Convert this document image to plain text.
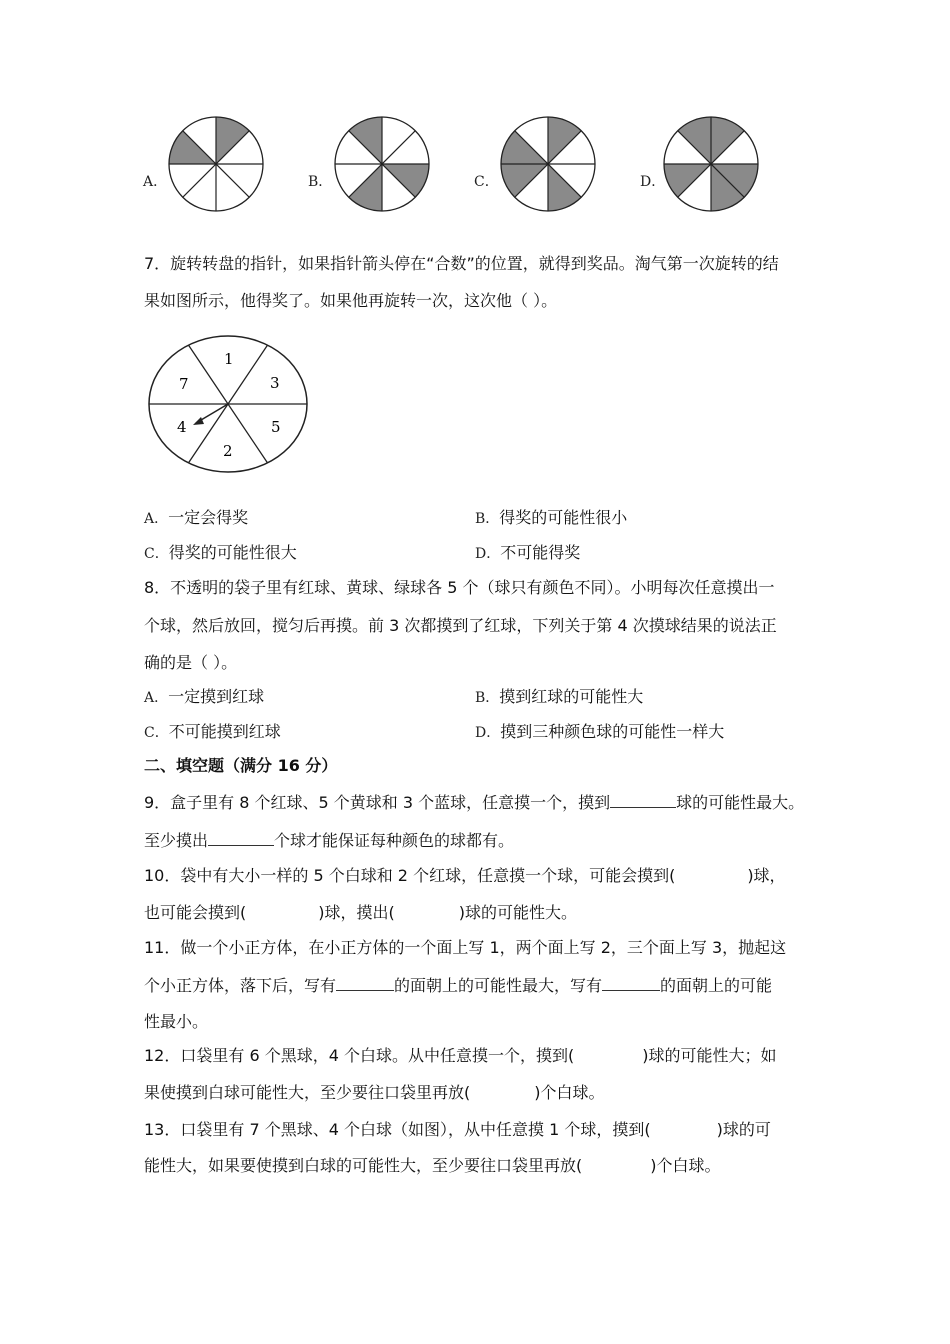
A．	B．	C．	D．
7．旋转转盘的指针，如果指针箭头停在“合数”的位置，就得到奖品。淘气第一次旋转的结
果如图所示，他得奖了。如果他再旋转一次，这次他（ ）。
1
3
5
2
4
7
A．一定会得奖	B．得奖的可能性很小
C．得奖的可能性很大	D．不可能得奖
8．不透明的袋子里有红球、黄球、绿球各 5 个（球只有颜色不同）。小明每次任意摸出一
个球，然后放回，搅匀后再摸。前 3 次都摸到了红球，下列关于第 4 次摸球结果的说法正
确的是（ ）。
A．一定摸到红球	B．摸到红球的可能性大
C．不可能摸到红球	D．摸到三种颜色球的可能性一样大
二、填空题（满分 16 分）
9．盒子里有 8 个红球、5 个黄球和 3 个蓝球，任意摸一个，摸到	球的可能性最大。
至少摸出	个球才能保证每种颜色的球都有。
10．袋中有大小一样的 5 个白球和 2 个红球，任意摸一个球，可能会摸到(	)球，
也可能会摸到(	)球，摸出(	)球的可能性大。
11．做一个小正方体，在小正方体的一个面上写 1，两个面上写 2，三个面上写 3，抛起这
个小正方体，落下后，写有	的面朝上的可能性最大，写有	的面朝上的可能
性最小。
12．口袋里有 6 个黑球，4 个白球。从中任意摸一个，摸到(	)球的可能性大；如
果使摸到白球可能性大，至少要往口袋里再放(	)个白球。
13．口袋里有 7 个黑球、4 个白球（如图），从中任意摸 1 个球，摸到(	)球的可
能性大，如果要使摸到白球的可能性大，至少要往口袋里再放(	)个白球。
